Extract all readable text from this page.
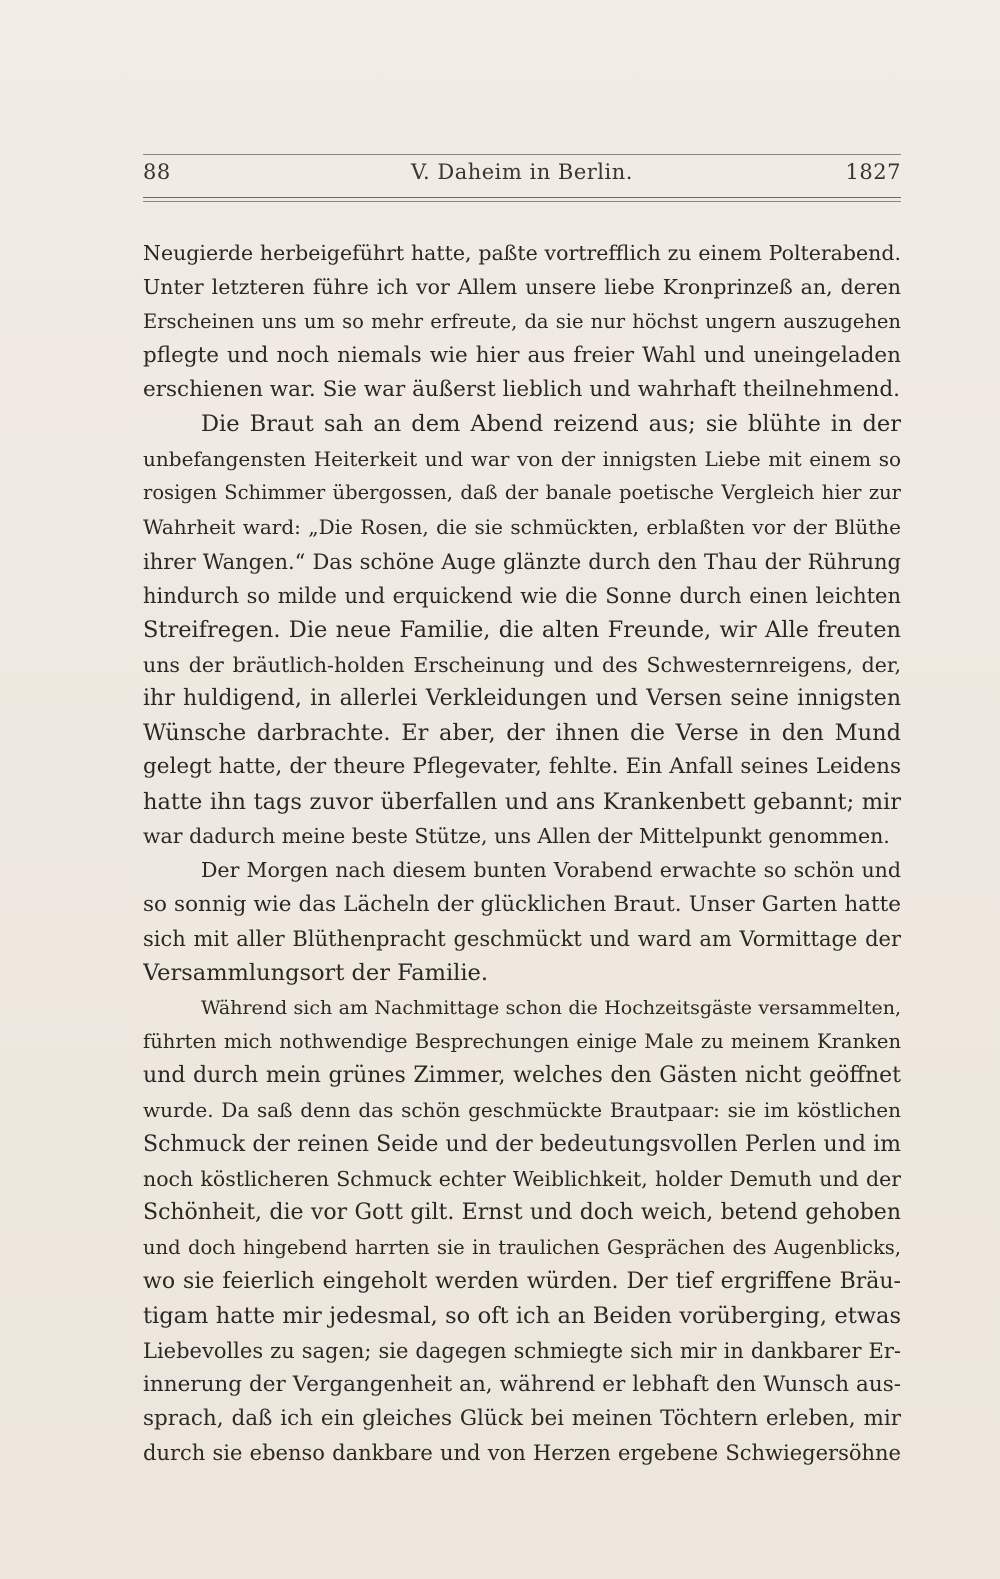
V. Daheim in Berlin.
88	1827
Neugierde herbeigeführt hatte, paßte vortrefflich zu einem Polterabend.
Unter letzteren führe ich vor Allem unsere liebe Kronprinzeß an, deren
Erscheinen uns um so mehr erfreute, da sie nur höchst ungern auszugehen
pflegte und noch niemals wie hier aus freier Wahl und uneingeladen
erschienen war. Sie war äußerst lieblich und wahrhaft theilnehmend.
Die Braut sah an dem Abend reizend aus; sie blühte in der
unbefangensten Heiterkeit und war von der innigsten Liebe mit einem so
rosigen Schimmer übergossen, daß der banale poetische Vergleich hier zur
Wahrheit ward: „Die Rosen, die sie schmückten, erblaßten vor der Blüthe
ihrer Wangen.“ Das schöne Auge glänzte durch den Thau der Rührung
hindurch so milde und erquickend wie die Sonne durch einen leichten
Streifregen. Die neue Familie, die alten Freunde, wir Alle freuten
uns der bräutlich-holden Erscheinung und des Schwesternreigens, der,
ihr huldigend, in allerlei Verkleidungen und Versen seine innigsten
Wünsche darbrachte. Er aber, der ihnen die Verse in den Mund
gelegt hatte, der theure Pflegevater, fehlte. Ein Anfall seines Leidens
hatte ihn tags zuvor überfallen und ans Krankenbett gebannt; mir
war dadurch meine beste Stütze, uns Allen der Mittelpunkt genommen.
Der Morgen nach diesem bunten Vorabend erwachte so schön und
so sonnig wie das Lächeln der glücklichen Braut. Unser Garten hatte
sich mit aller Blüthenpracht geschmückt und ward am Vormittage der
Versammlungsort der Familie.
Während sich am Nachmittage schon die Hochzeitsgäste versammelten,
führten mich nothwendige Besprechungen einige Male zu meinem Kranken
und durch mein grünes Zimmer, welches den Gästen nicht geöffnet
wurde. Da saß denn das schön geschmückte Brautpaar: sie im köstlichen
Schmuck der reinen Seide und der bedeutungsvollen Perlen und im
noch köstlicheren Schmuck echter Weiblichkeit, holder Demuth und der
Schönheit, die vor Gott gilt. Ernst und doch weich, betend gehoben
und doch hingebend harrten sie in traulichen Gesprächen des Augenblicks,
wo sie feierlich eingeholt werden würden. Der tief ergriffene Bräu-
tigam hatte mir jedesmal, so oft ich an Beiden vorüberging, etwas
Liebevolles zu sagen; sie dagegen schmiegte sich mir in dankbarer Er-
innerung der Vergangenheit an, während er lebhaft den Wunsch aus-
sprach, daß ich ein gleiches Glück bei meinen Töchtern erleben, mir
durch sie ebenso dankbare und von Herzen ergebene Schwiegersöhne
